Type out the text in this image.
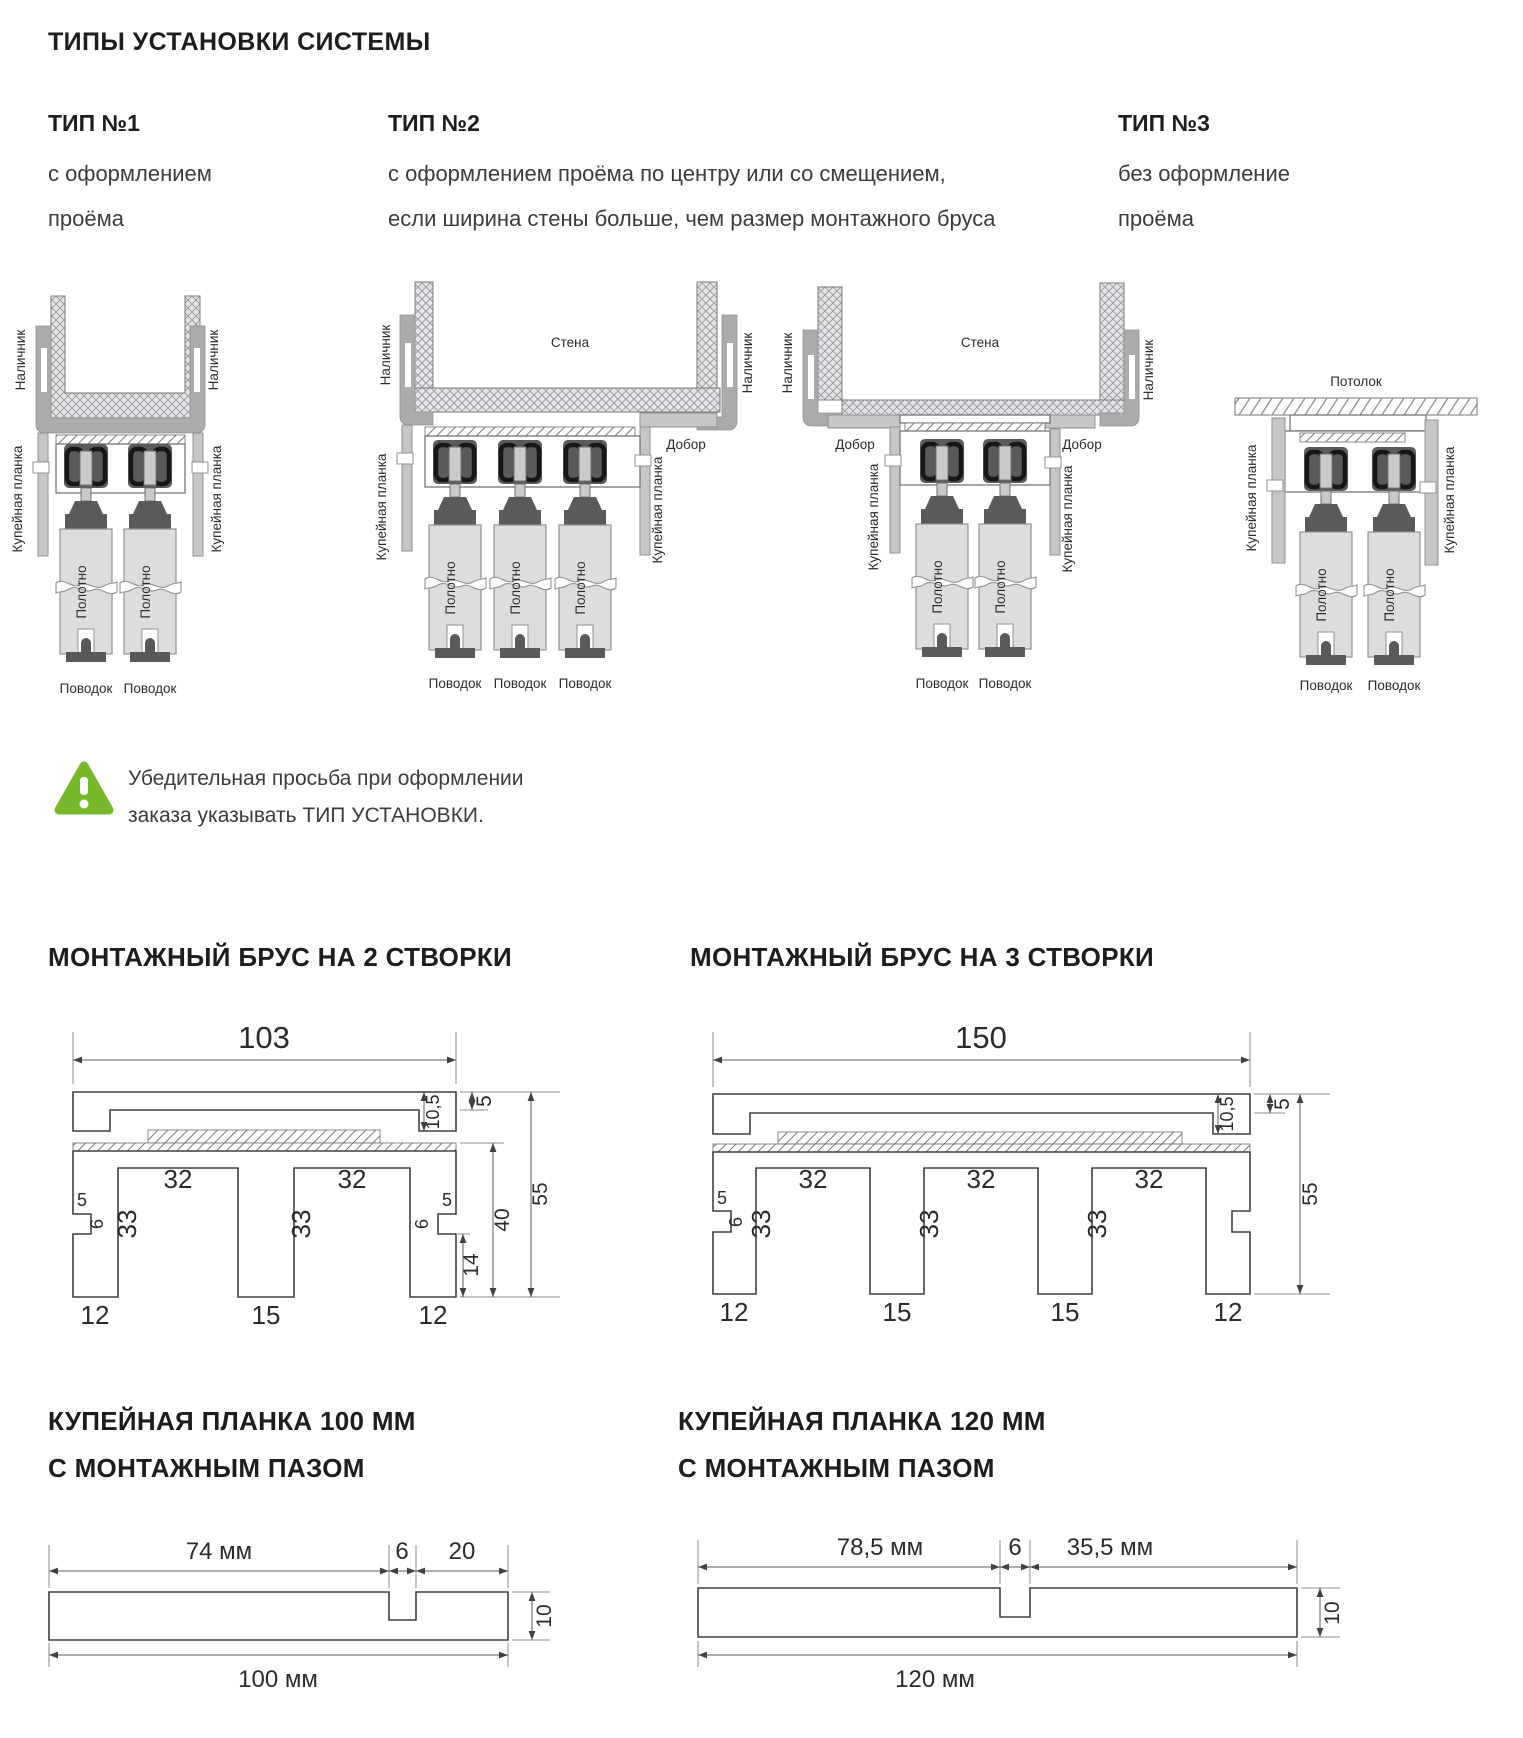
ТИПЫ УСТАНОВКИ СИСТЕМЫ
ТИП №1
с оформлением
проёма
ТИП №2
с оформлением проёма по центру или со смещением,
если ширина стены больше, чем размер монтажного бруса
ТИП №3
без оформление
проёма
Наличник	Наличник
Купейная планка	Купейная планка
Полотно	Полотно
Поводок Поводок
Стена
Наличник	Наличник
Добор
Купейная планка	Купейная планка
Полотно	Полотно	Полотно
Поводок Поводок Поводок
Стена
Наличник	Наличник
Добор	Добор
Купейная планка	Купейная планка
Полотно	Полотно
Поводок Поводок
Потолок
Купейная планка	Купейная планка
Полотно	Полотно
Поводок Поводок
Убедительная просьба при оформлении
заказа указывать ТИП УСТАНОВКИ.
МОНТАЖНЫЙ БРУС НА 2 СТВОРКИ	МОНТАЖНЫЙ БРУС НА 3 СТВОРКИ
103
5
10,5
40
14
55
32	32
33	33
5	5
6	6
12	15	12
150
5
10,5
55
32	32	32
33	33	33
5
6
12	15	15	12
КУПЕЙНАЯ ПЛАНКА 100 ММ
С МОНТАЖНЫМ ПАЗОМ
КУПЕЙНАЯ ПЛАНКА 120 ММ
С МОНТАЖНЫМ ПАЗОМ
74 мм	6 20
10
100 мм
78,5 мм	6 35,5 мм
10
120 мм
